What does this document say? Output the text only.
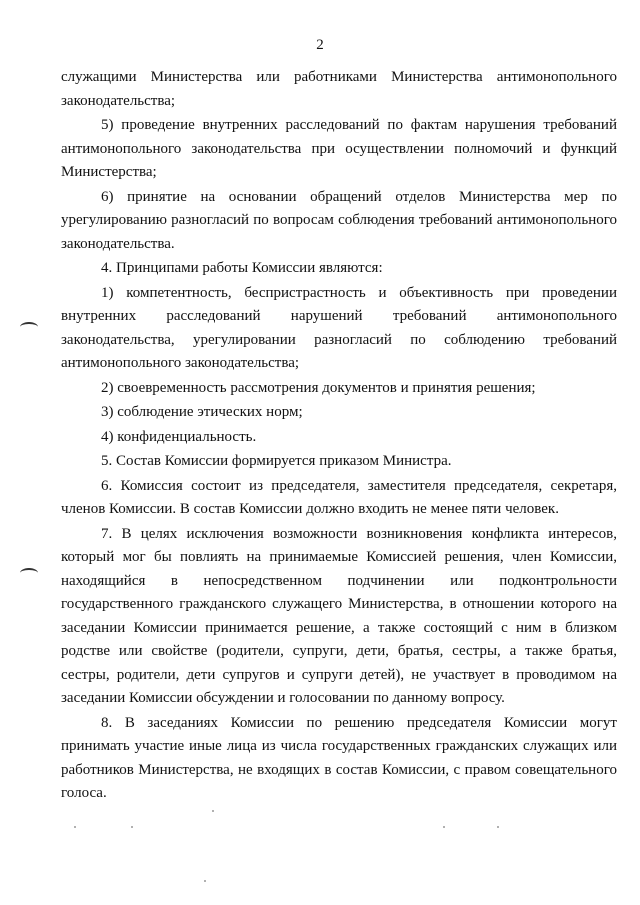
2

служащими Министерства или работниками Министерства антимонопольного законодательства;

5) проведение внутренних расследований по фактам нарушения требований антимонопольного законодательства при осуществлении полномочий и функций Министерства;

6) принятие на основании обращений отделов Министерства мер по урегулированию разногласий по вопросам соблюдения требований антимонопольного законодательства.

4. Принципами работы Комиссии являются:

1) компетентность, беспристрастность и объективность при проведении внутренних расследований нарушений требований антимонопольного законодательства, урегулировании разногласий по соблюдению требований антимонопольного законодательства;

2) своевременность рассмотрения документов и принятия решения;

3) соблюдение этических норм;

4) конфиденциальность.

5. Состав Комиссии формируется приказом Министра.

6. Комиссия состоит из председателя, заместителя председателя, секретаря, членов Комиссии. В состав Комиссии должно входить не менее пяти человек.

7. В целях исключения возможности возникновения конфликта интересов, который мог бы повлиять на принимаемые Комиссией решения, член Комиссии, находящийся в непосредственном подчинении или подконтрольности государственного гражданского служащего Министерства, в отношении которого на заседании Комиссии принимается решение, а также состоящий с ним в близком родстве или свойстве (родители, супруги, дети, братья, сестры, а также братья, сестры, родители, дети супругов и супруги детей), не участвует в проводимом на заседании Комиссии обсуждении и голосовании по данному вопросу.

8. В заседаниях Комиссии по решению председателя Комиссии могут принимать участие иные лица из числа государственных гражданских служащих или работников Министерства, не входящих в состав Комиссии, с правом совещательного голоса.
